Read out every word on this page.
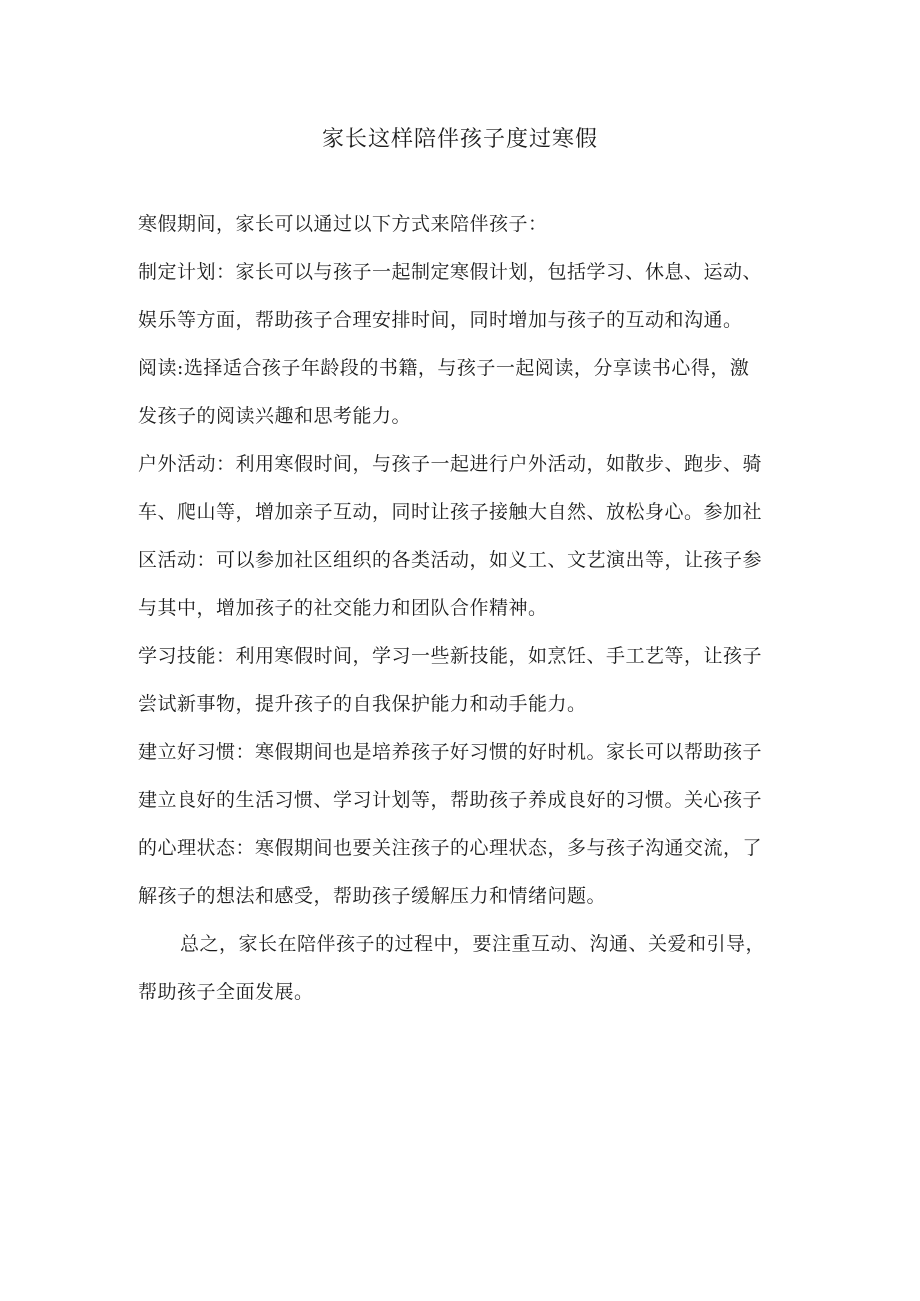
家长这样陪伴孩子度过寒假

寒假期间，家长可以通过以下方式来陪伴孩子：

制定计划：家长可以与孩子一起制定寒假计划，包括学习、休息、运动、

娱乐等方面，帮助孩子合理安排时间，同时增加与孩子的互动和沟通。

阅读:选择适合孩子年龄段的书籍，与孩子一起阅读，分享读书心得，激

发孩子的阅读兴趣和思考能力。

户外活动：利用寒假时间，与孩子一起进行户外活动，如散步、跑步、骑

车、爬山等，增加亲子互动，同时让孩子接触大自然、放松身心。参加社

区活动：可以参加社区组织的各类活动，如义工、文艺演出等，让孩子参

与其中，增加孩子的社交能力和团队合作精神。

学习技能：利用寒假时间，学习一些新技能，如烹饪、手工艺等，让孩子

尝试新事物，提升孩子的自我保护能力和动手能力。

建立好习惯：寒假期间也是培养孩子好习惯的好时机。家长可以帮助孩子

建立良好的生活习惯、学习计划等，帮助孩子养成良好的习惯。关心孩子

的心理状态：寒假期间也要关注孩子的心理状态，多与孩子沟通交流，了

解孩子的想法和感受，帮助孩子缓解压力和情绪问题。

总之，家长在陪伴孩子的过程中，要注重互动、沟通、关爱和引导，

帮助孩子全面发展。
